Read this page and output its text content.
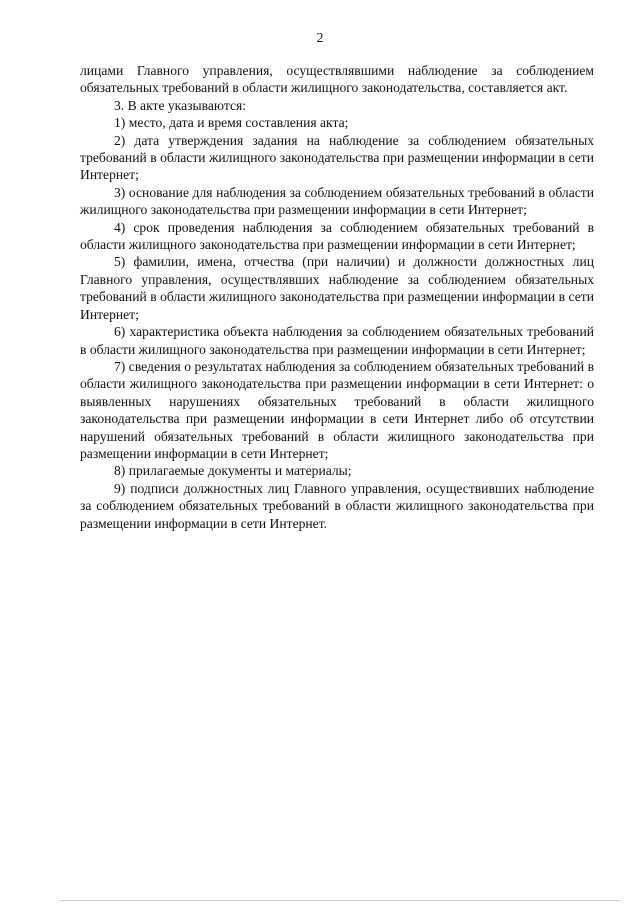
2

лицами Главного управления, осуществлявшими наблюдение за соблюдением обязательных требований в области жилищного законодательства, составляется акт.

3. В акте указываются:

1) место, дата и время составления акта;

2) дата утверждения задания на наблюдение за соблюдением обязательных требований в области жилищного законодательства при размещении информации в сети Интернет;

3) основание для наблюдения за соблюдением обязательных требований в области жилищного законодательства при размещении информации в сети Интернет;

4) срок проведения наблюдения за соблюдением обязательных требований в области жилищного законодательства при размещении информации в сети Интернет;

5) фамилии, имена, отчества (при наличии) и должности должностных лиц Главного управления, осуществлявших наблюдение за соблюдением обязательных требований в области жилищного законодательства при размещении информации в сети Интернет;

6) характеристика объекта наблюдения за соблюдением обязательных требований в области жилищного законодательства при размещении информации в сети Интернет;

7) сведения о результатах наблюдения за соблюдением обязательных требований в области жилищного законодательства при размещении информации в сети Интернет: о выявленных нарушениях обязательных требований в области жилищного законодательства при размещении информации в сети Интернет либо об отсутствии нарушений обязательных требований в области жилищного законодательства при размещении информации в сети Интернет;

8) прилагаемые документы и материалы;

9) подписи должностных лиц Главного управления, осуществивших наблюдение за соблюдением обязательных требований в области жилищного законодательства при размещении информации в сети Интернет.
